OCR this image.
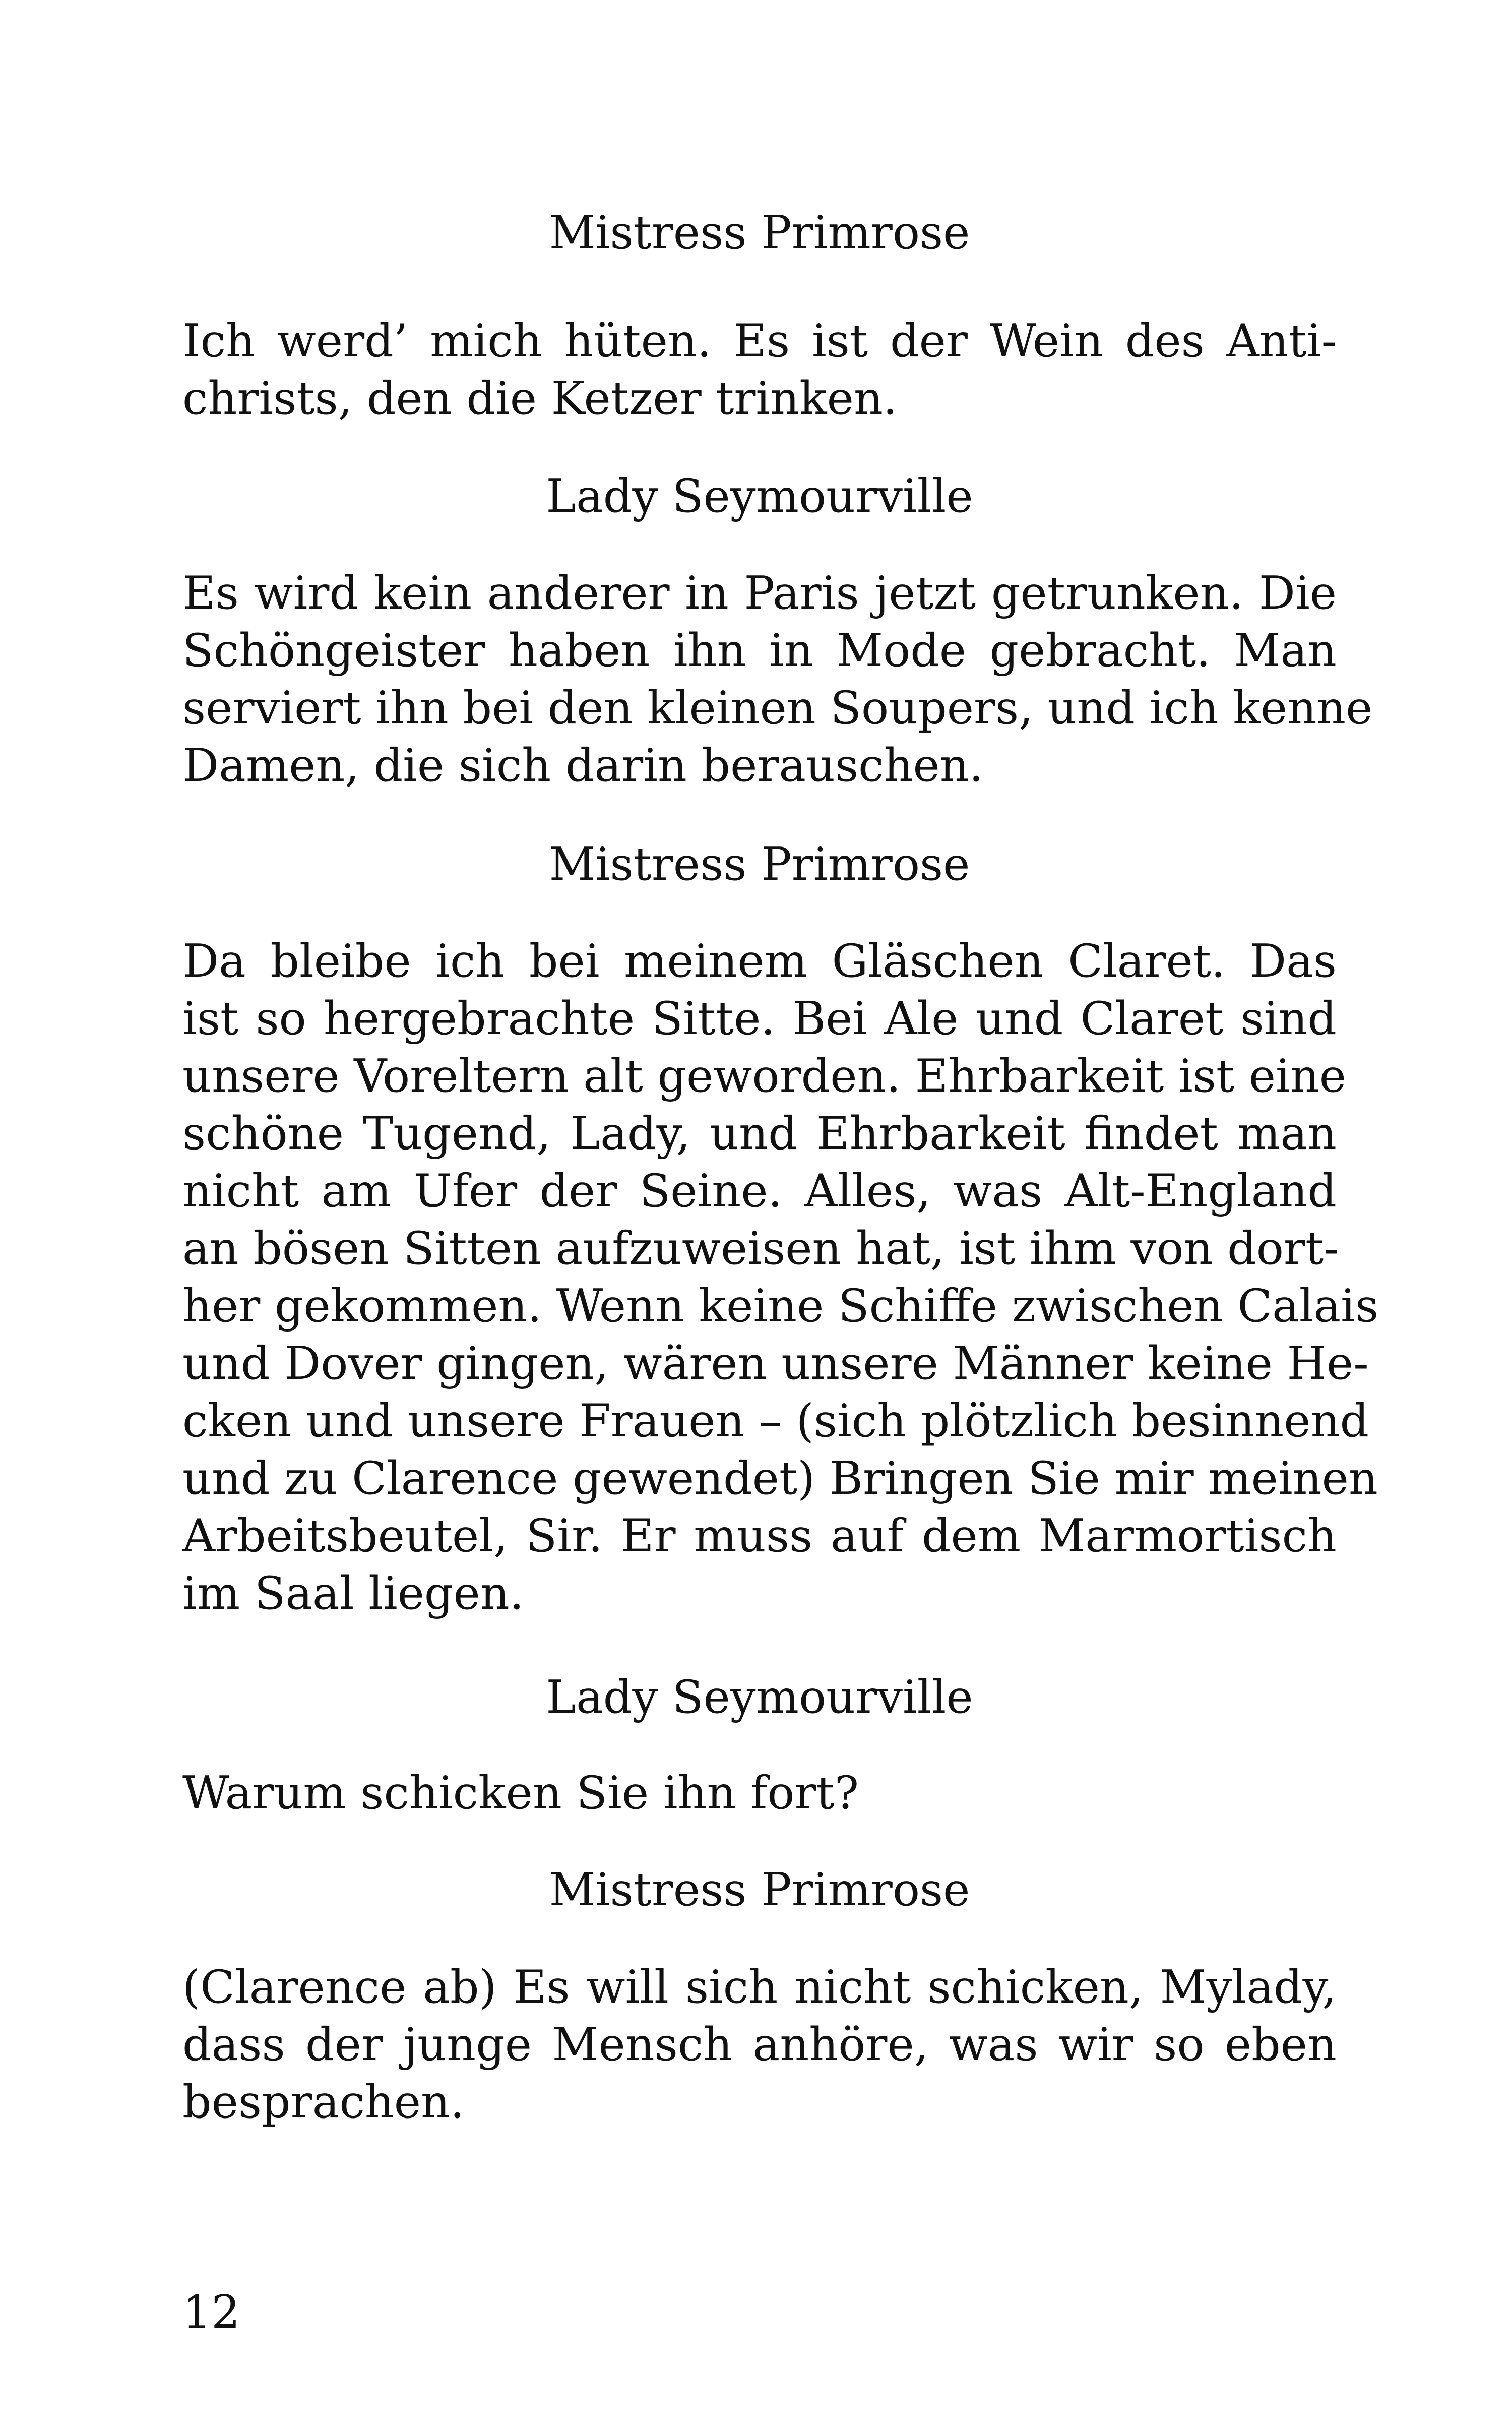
Mistress Primrose
Ich werd’ mich hüten. Es ist der Wein des Anti-
christs, den die Ketzer trinken.
Lady Seymourville
Es wird kein anderer in Paris jetzt getrunken. Die
Schöngeister haben ihn in Mode gebracht. Man
serviert ihn bei den kleinen Soupers, und ich kenne
Damen, die sich darin berauschen.
Mistress Primrose
Da bleibe ich bei meinem Gläschen Claret. Das
ist so hergebrachte Sitte. Bei Ale und Claret sind
unsere Voreltern alt geworden. Ehrbarkeit ist eine
schöne Tugend, Lady, und Ehrbarkeit findet man
nicht am Ufer der Seine. Alles, was Alt-England
an bösen Sitten aufzuweisen hat, ist ihm von dort-
her gekommen. Wenn keine Schiffe zwischen Calais
und Dover gingen, wären unsere Männer keine He-
cken und unsere Frauen – (sich plötzlich besinnend
und zu Clarence gewendet) Bringen Sie mir meinen
Arbeitsbeutel, Sir. Er muss auf dem Marmortisch
im Saal liegen.
Lady Seymourville
Warum schicken Sie ihn fort?
Mistress Primrose
(Clarence ab) Es will sich nicht schicken, Mylady,
dass der junge Mensch anhöre, was wir so eben
besprachen.
12
